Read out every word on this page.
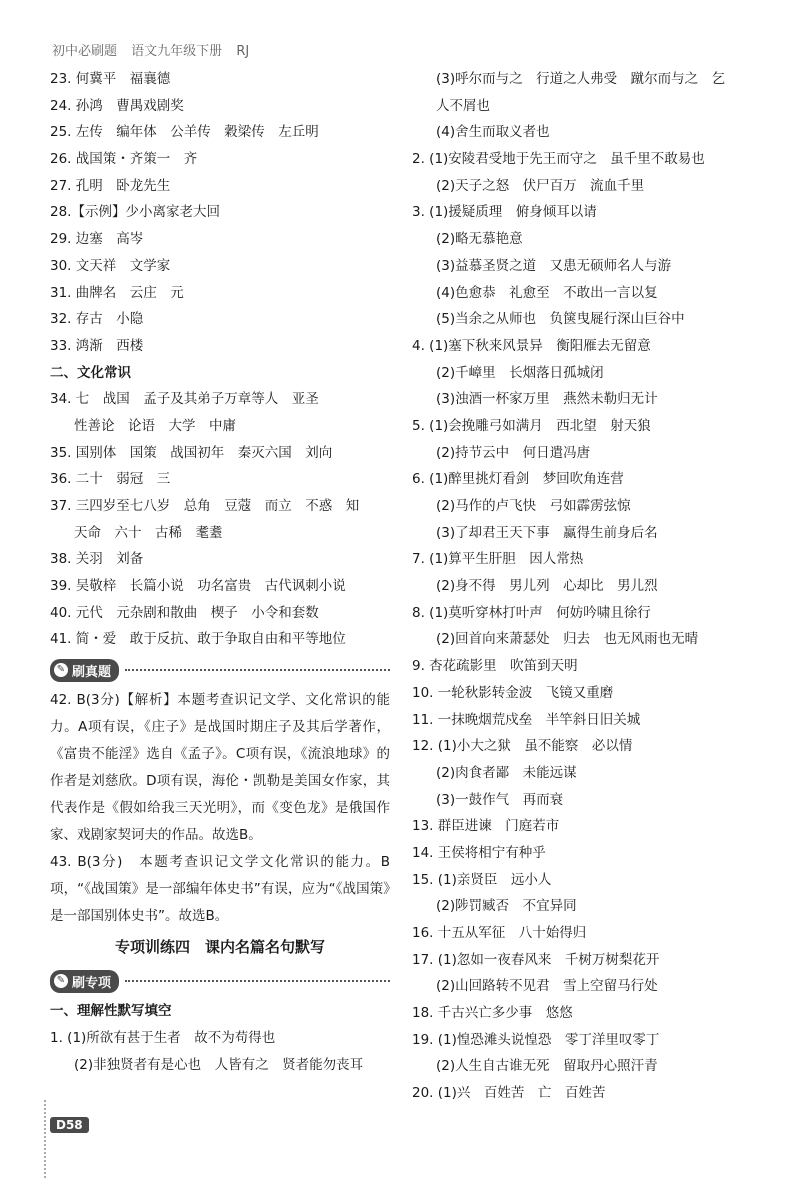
初中必刷题 语文九年级下册 RJ
23. 何冀平　福襄德
24. 孙鸿　曹禺戏剧奖
25. 左传　编年体　公羊传　穀梁传　左丘明
26. 战国策・齐策一　齐
27. 孔明　卧龙先生
28.【示例】少小离家老大回
29. 边塞　高岑
30. 文天祥　文学家
31. 曲牌名　云庄　元
32. 存古　小隐
33. 鸿渐　西楼
二、文化常识
34. 七　战国　孟子及其弟子万章等人　亚圣
性善论　论语　大学　中庸
35. 国别体　国策　战国初年　秦灭六国　刘向
36. 二十　弱冠　三
37. 三四岁至七八岁　总角　豆蔻　而立　不惑　知
天命　六十　古稀　耄耋
38. 关羽　刘备
39. 吴敬梓　长篇小说　功名富贵　古代讽刺小说
40. 元代　元杂剧和散曲　楔子　小令和套数
41. 简・爱　敢于反抗、敢于争取自由和平等地位
✎ 刷真题
42. B(3分)【解析】本题考查识记文学、文化常识的能力。A项有误，《庄子》是战国时期庄子及其后学著作，《富贵不能淫》选自《孟子》。C项有误，《流浪地球》的作者是刘慈欣。D项有误，海伦・凯勒是美国女作家，其代表作是《假如给我三天光明》，而《变色龙》是俄国作家、戏剧家契诃夫的作品。故选B。
43. B(3分)　本题考查识记文学文化常识的能力。B项，“《战国策》是一部编年体史书”有误，应为“《战国策》是一部国别体史书”。故选B。
专项训练四　课内名篇名句默写
✎ 刷专项
一、理解性默写填空
1. (1)所欲有甚于生者　故不为苟得也
(2)非独贤者有是心也　人皆有之　贤者能勿丧耳
(3)呼尔而与之　行道之人弗受　蹴尔而与之　乞
人不屑也
(4)舍生而取义者也
2. (1)安陵君受地于先王而守之　虽千里不敢易也
(2)天子之怒　伏尸百万　流血千里
3. (1)援疑质理　俯身倾耳以请
(2)略无慕艳意
(3)益慕圣贤之道　又患无硕师名人与游
(4)色愈恭　礼愈至　不敢出一言以复
(5)当余之从师也　负箧曳屣行深山巨谷中
4. (1)塞下秋来风景异　衡阳雁去无留意
(2)千嶂里　长烟落日孤城闭
(3)浊酒一杯家万里　燕然未勒归无计
5. (1)会挽雕弓如满月　西北望　射天狼
(2)持节云中　何日遣冯唐
6. (1)醉里挑灯看剑　梦回吹角连营
(2)马作的卢飞快　弓如霹雳弦惊
(3)了却君王天下事　赢得生前身后名
7. (1)算平生肝胆　因人常热
(2)身不得　男儿列　心却比　男儿烈
8. (1)莫听穿林打叶声　何妨吟啸且徐行
(2)回首向来萧瑟处　归去　也无风雨也无晴
9. 杏花疏影里　吹笛到天明
10. 一轮秋影转金波　飞镜又重磨
11. 一抹晚烟荒戍垒　半竿斜日旧关城
12. (1)小大之狱　虽不能察　必以情
(2)肉食者鄙　未能远谋
(3)一鼓作气　再而衰
13. 群臣进谏　门庭若市
14. 王侯将相宁有种乎
15. (1)亲贤臣　远小人
(2)陟罚臧否　不宜异同
16. 十五从军征　八十始得归
17. (1)忽如一夜春风来　千树万树梨花开
(2)山回路转不见君　雪上空留马行处
18. 千古兴亡多少事　悠悠
19. (1)惶恐滩头说惶恐　零丁洋里叹零丁
(2)人生自古谁无死　留取丹心照汗青
20. (1)兴　百姓苦　亡　百姓苦
D58
